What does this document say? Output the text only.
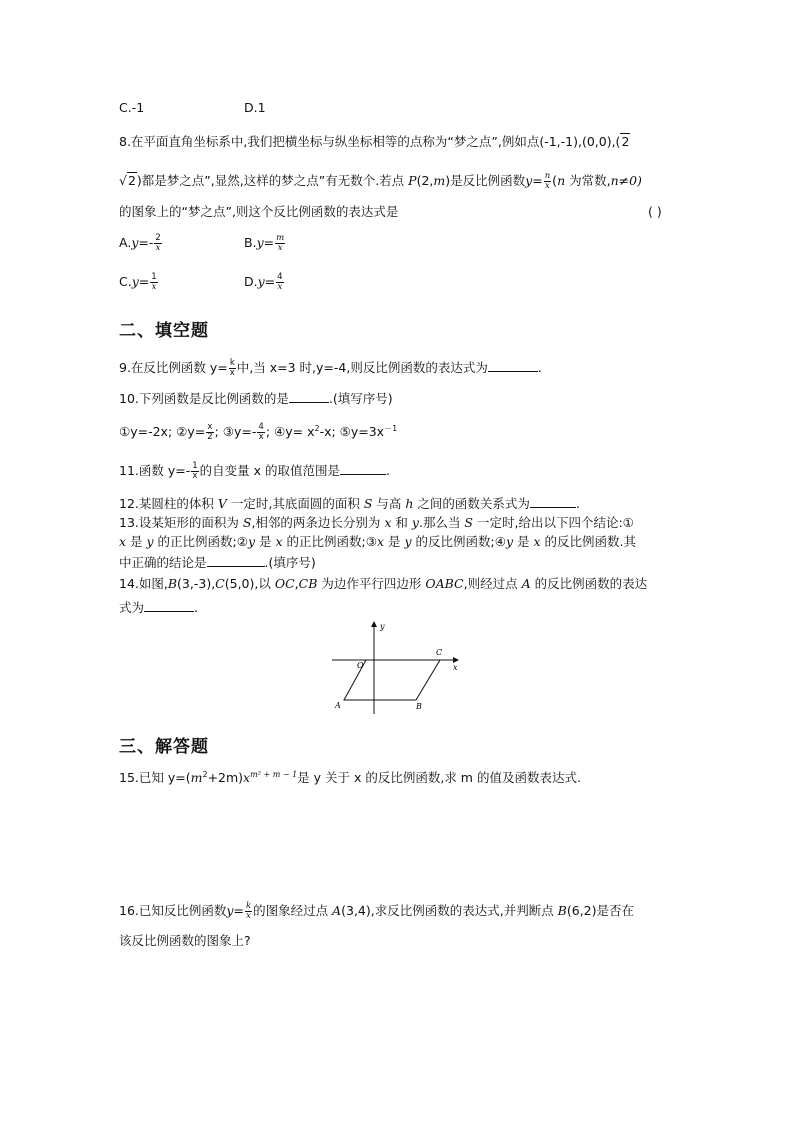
C.-1	D.1
8.在平面直角坐标系中,我们把横坐标与纵坐标相等的点称为“梦之点”,例如点(-1,-1),(0,0),(2
√2)都是梦之点”,显然,这样的梦之点”有无数个.若点 P(2,m)是反比例函数$y= \frac{n}{x} (n$ 为常数,n≠0)
的图象上的“梦之点”,则这个反比例函数的表达式是	( )
$A.y=- \frac{2}{x}$	$B.y= \frac{m}{x}$
$C.y= \frac{1}{x}$	$D.y= \frac{4}{x}$
二、填空题
9.在反比例函数 $y= \frac{k}{x}$ 中,当 x=3 时,y=-4,则反比例函数的表达式为	.
10.下列函数是反比例函数的是	.(填写序号)
①y=-2x; ②y= $\frac{x}{2}$ ; ③y=- $\frac{4}{x}$ ; ④y= $x^2-x$; $⑤y=3x^{-1}$
11.函数 $y=- \frac{1}{x}$ 的自变量 x 的取值范围是	.
12.某圆柱的体积 V 一定时,其底面圆的面积 S 与高 h 之间的函数关系式为	.
13.设某矩形的面积为 S,相邻的两条边长分别为 x 和 y.那么当 S 一定时,给出以下四个结论:①
x 是 y 的正比例函数;②y 是 x 的正比例函数;③x 是 y 的反比例函数;④y 是 x 的反比例函数.其
中正确的结论是	.(填序号)
14.如图,B(3,-3),C(5,0),以 OC,CB 为边作平行四边形 OABC,则经过点 A 的反比例函数的表达
式为	.
y
x
O
C
A	B
三、解答题
15.已知 $y=(m^2+2m)x^{m^2 + m - 1}$是 y 关于 x 的反比例函数,求 m 的值及函数表达式.
16.已知反比例函数$y= \frac{k}{x}$ 的图象经过点 A(3,4),求反比例函数的表达式,并判断点 B(6,2)是否在
该反比例函数的图象上?
